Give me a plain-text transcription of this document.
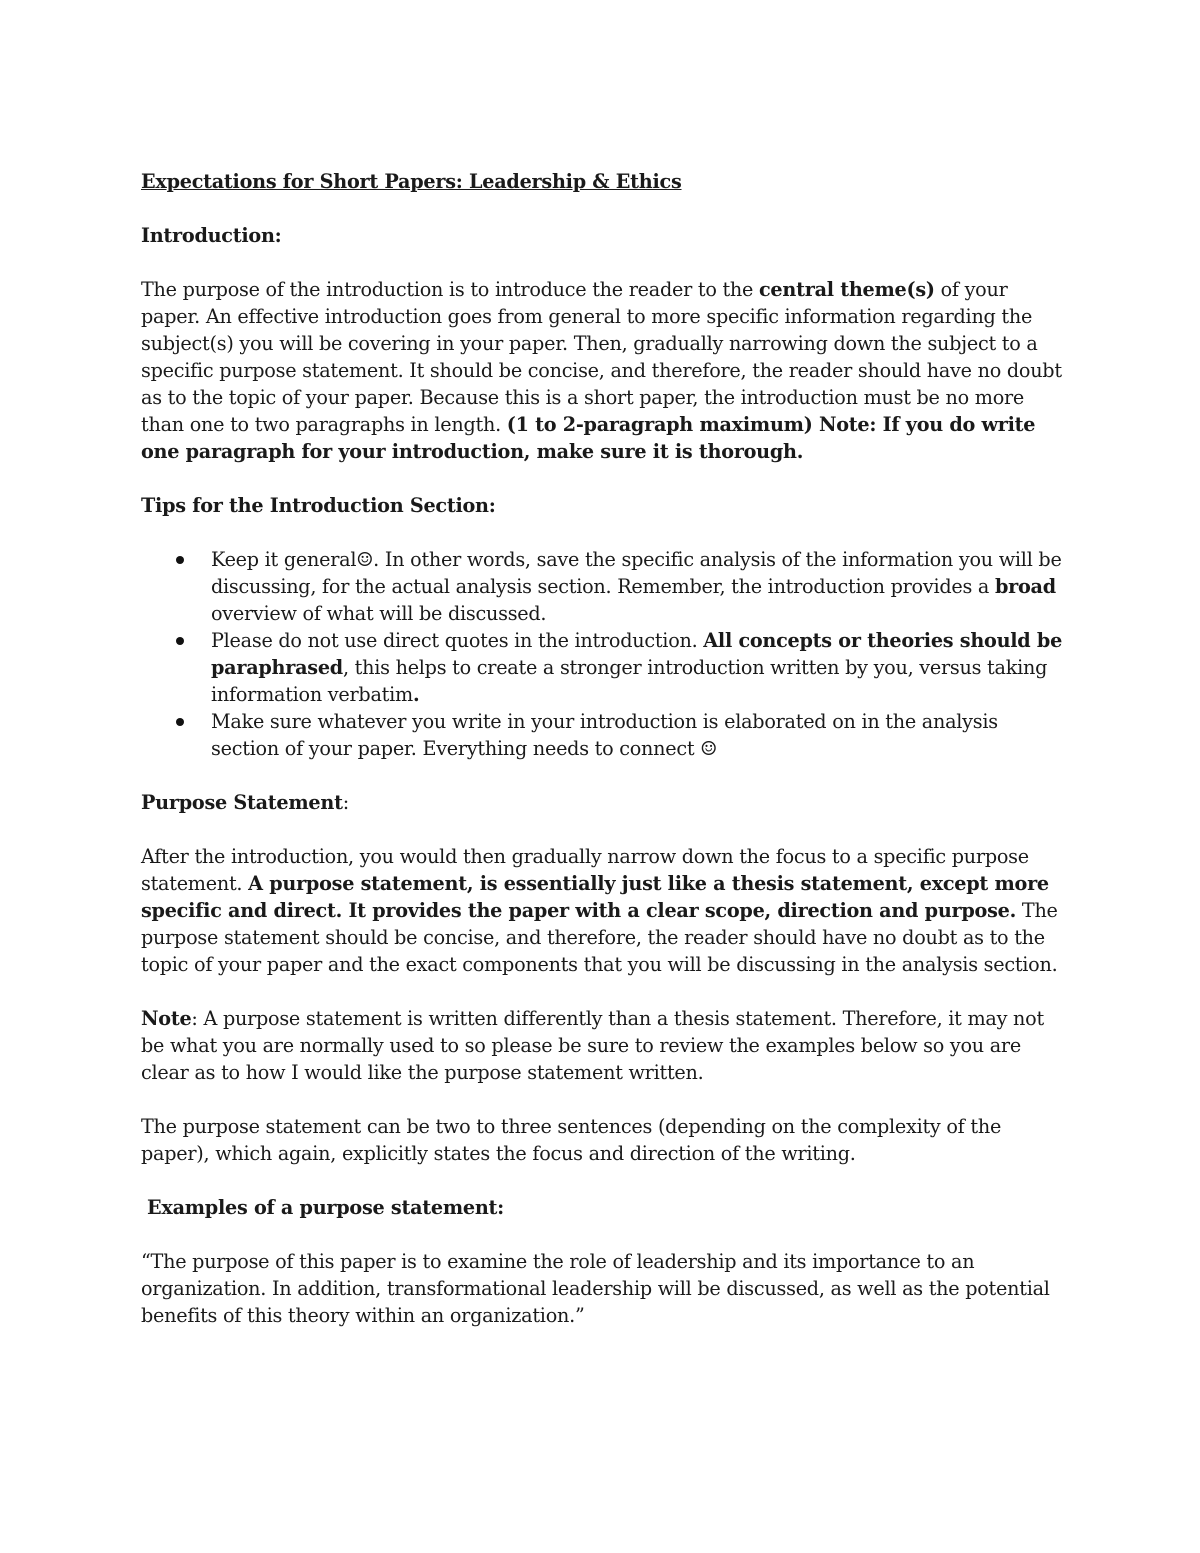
Expectations for Short Papers: Leadership & Ethics

Introduction:

The purpose of the introduction is to introduce the reader to the central theme(s) of your paper. An effective introduction goes from general to more specific information regarding the subject(s) you will be covering in your paper. Then, gradually narrowing down the subject to a specific purpose statement. It should be concise, and therefore, the reader should have no doubt as to the topic of your paper. Because this is a short paper, the introduction must be no more than one to two paragraphs in length. (1 to 2-paragraph maximum) Note: If you do write one paragraph for your introduction, make sure it is thorough.

Tips for the Introduction Section:

Keep it general☺. In other words, save the specific analysis of the information you will be discussing, for the actual analysis section. Remember, the introduction provides a broad overview of what will be discussed.
Please do not use direct quotes in the introduction. All concepts or theories should be paraphrased, this helps to create a stronger introduction written by you, versus taking information verbatim.
Make sure whatever you write in your introduction is elaborated on in the analysis section of your paper. Everything needs to connect ☺

Purpose Statement:

After the introduction, you would then gradually narrow down the focus to a specific purpose statement. A purpose statement, is essentially just like a thesis statement, except more specific and direct. It provides the paper with a clear scope, direction and purpose. The purpose statement should be concise, and therefore, the reader should have no doubt as to the topic of your paper and the exact components that you will be discussing in the analysis section.

Note: A purpose statement is written differently than a thesis statement. Therefore, it may not be what you are normally used to so please be sure to review the examples below so you are clear as to how I would like the purpose statement written.

The purpose statement can be two to three sentences (depending on the complexity of the paper), which again, explicitly states the focus and direction of the writing.

Examples of a purpose statement:

“The purpose of this paper is to examine the role of leadership and its importance to an organization. In addition, transformational leadership will be discussed, as well as the potential benefits of this theory within an organization.”
